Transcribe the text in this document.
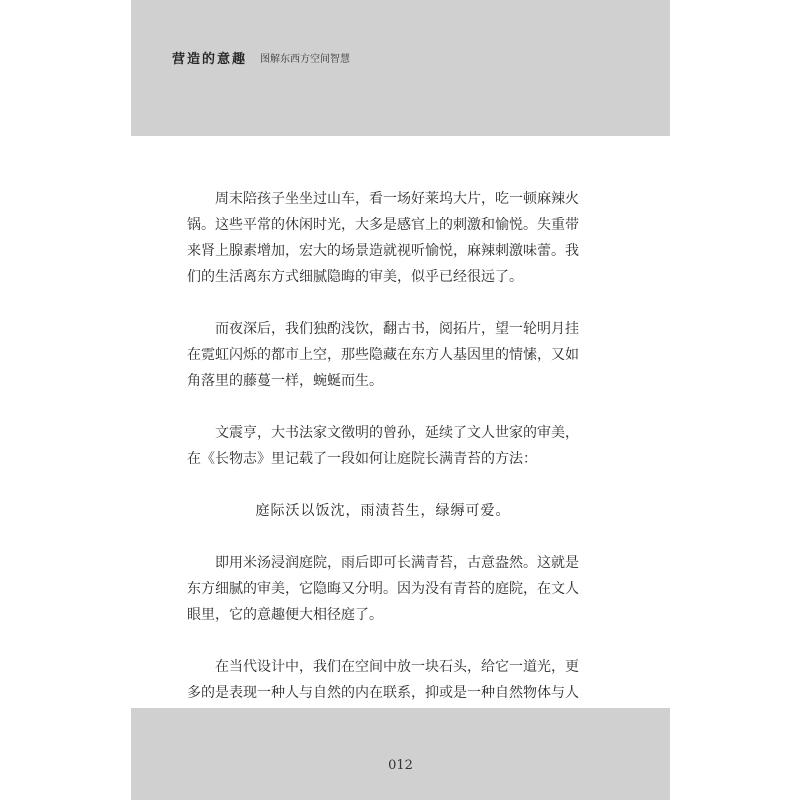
营造的意趣 图解东西方空间智慧

周末陪孩子坐坐过山车，看一场好莱坞大片，吃一顿麻辣火锅。这些平常的休闲时光，大多是感官上的刺激和愉悦。失重带来肾上腺素增加，宏大的场景造就视听愉悦，麻辣刺激味蕾。我们的生活离东方式细腻隐晦的审美，似乎已经很远了。

而夜深后，我们独酌浅饮，翻古书，阅拓片，望一轮明月挂在霓虹闪烁的都市上空，那些隐藏在东方人基因里的情愫，又如角落里的藤蔓一样，蜿蜒而生。

文震亨，大书法家文徵明的曾孙，延续了文人世家的审美，在《长物志》里记载了一段如何让庭院长满青苔的方法：

庭际沃以饭沈，雨渍苔生，绿缛可爱。

即用米汤浸润庭院，雨后即可长满青苔，古意盎然。这就是东方细腻的审美，它隐晦又分明。因为没有青苔的庭院，在文人眼里，它的意趣便大相径庭了。

在当代设计中，我们在空间中放一块石头，给它一道光，更多的是表现一种人与自然的内在联系，抑或是一种自然物体与人

012
